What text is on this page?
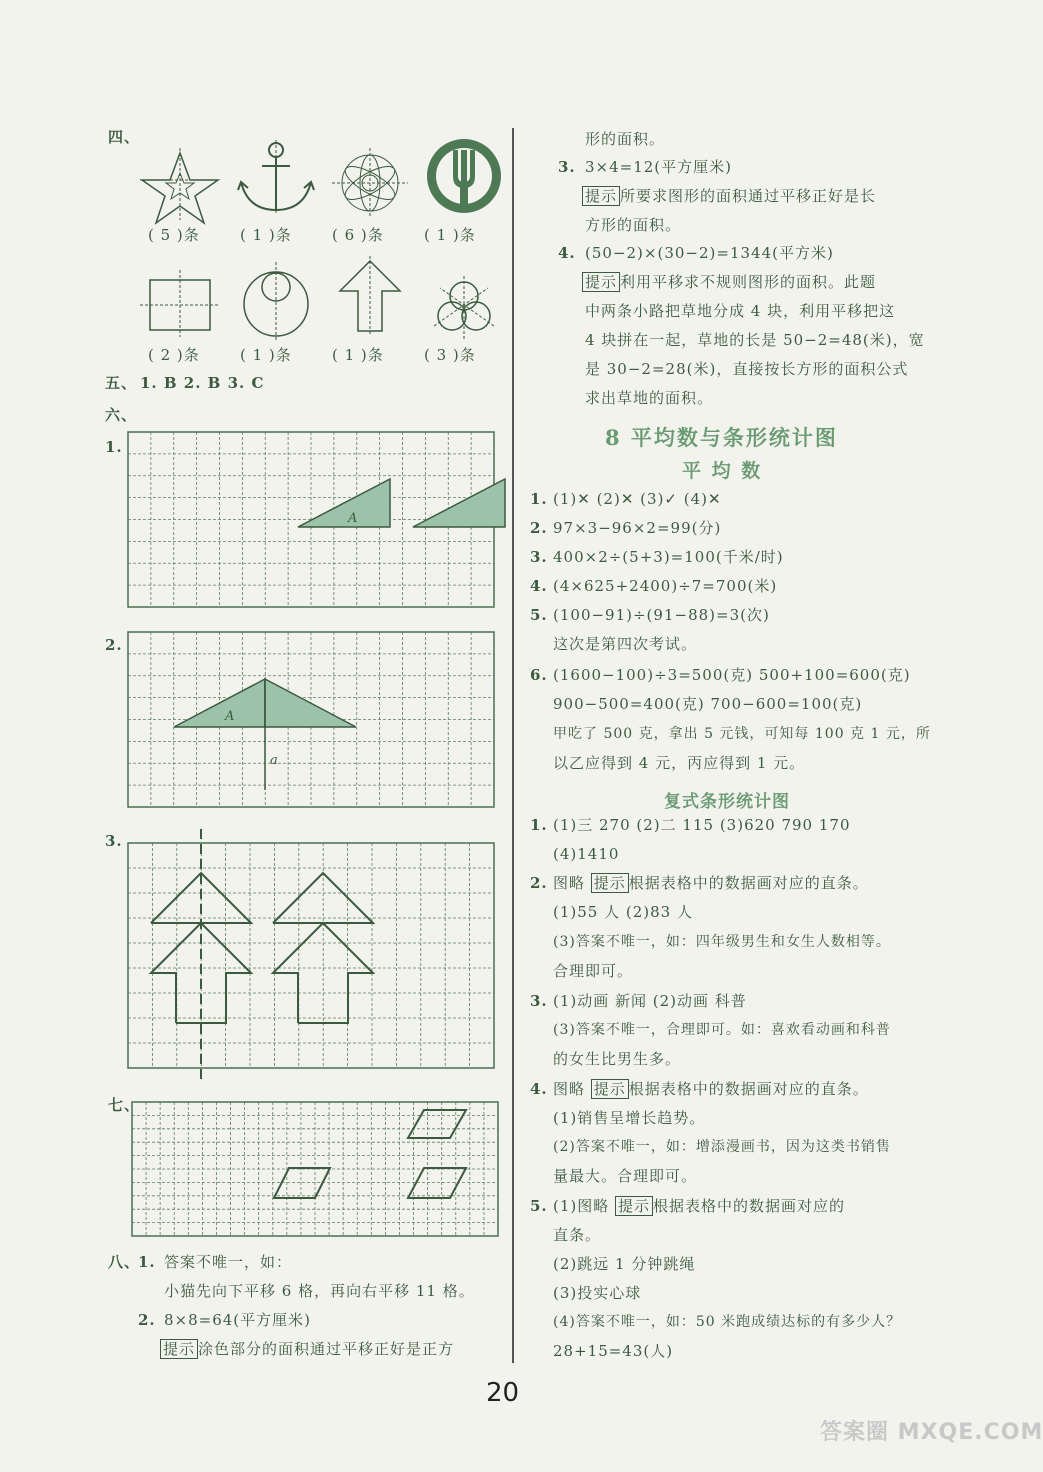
四、
( 5 )条	( 1 )条	( 6 )条	( 1 )条
( 2 )条	( 1 )条	( 1 )条	( 3 )条
五、 1. B 2. B 3. C
六、
1.
A
2.
A
a
3.
七、
八、
1. 答案不唯一，如：
小猫先向下平移 6 格，再向右平移 11 格。
2. 8×8=64(平方厘米)
提示 涂色部分的面积通过平移正好是正方
形的面积。
3. 3×4=12(平方厘米)
提示 所要求图形的面积通过平移正好是长
方形的面积。
4. (50−2)×(30−2)=1344(平方米)
提示 利用平移求不规则图形的面积。此题
中两条小路把草地分成 4 块，利用平移把这
4 块拼在一起，草地的长是 50−2=48(米)，宽
是 30−2=28(米)，直接按长方形的面积公式
求出草地的面积。
8 平均数与条形统计图
平 均 数
1. (1)✕ (2)✕ (3)✓ (4)✕
2. 97×3−96×2=99(分)
3. 400×2÷(5+3)=100(千米/时)
4. (4×625+2400)÷7=700(米)
5. (100−91)÷(91−88)=3(次)
这次是第四次考试。
6. (1600−100)÷3=500(克) 500+100=600(克)
900−500=400(克) 700−600=100(克)
甲吃了 500 克，拿出 5 元钱，可知每 100 克 1 元，所
以乙应得到 4 元，丙应得到 1 元。
复式条形统计图
1. (1)三 270 (2)二 115 (3)620 790 170
(4)1410
2. 图略 提示 根据表格中的数据画对应的直条。
(1)55 人 (2)83 人
(3)答案不唯一，如：四年级男生和女生人数相等。
合理即可。
3. (1)动画 新闻 (2)动画 科普
(3)答案不唯一，合理即可。如：喜欢看动画和科普
的女生比男生多。
4. 图略 提示 根据表格中的数据画对应的直条。
(1)销售呈增长趋势。
(2)答案不唯一，如：增添漫画书，因为这类书销售
量最大。合理即可。
5. (1)图略 提示 根据表格中的数据画对应的
直条。
(2)跳远 1 分钟跳绳
(3)投实心球
(4)答案不唯一，如：50 米跑成绩达标的有多少人？
28+15=43(人)
20
答案圈 MXQE.COM
